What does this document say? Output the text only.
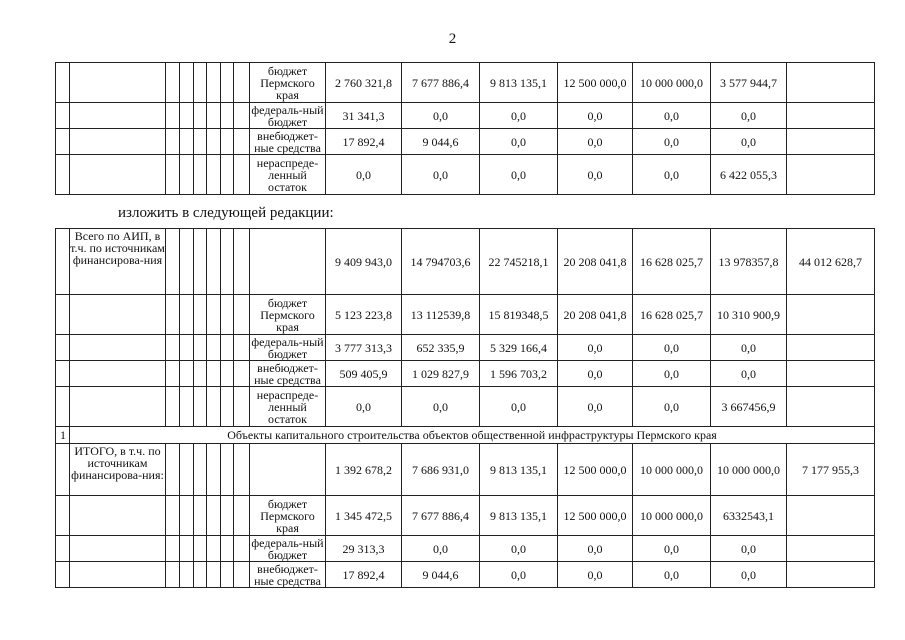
2
								бюджет Пермского края	2 760 321,8	7 677 886,4	9 813 135,1	12 500 000,0	10 000 000,0	3 577 944,7	
								федераль-ный бюджет	31 341,3	0,0	0,0	0,0	0,0	0,0	
								внебюджет-ные средства	17 892,4	9 044,6	0,0	0,0	0,0	0,0	
								нераспреде-ленный остаток	0,0	0,0	0,0	0,0	0,0	6 422 055,3	
изложить в следующей редакции:
	Всего по АИП, в т.ч. по источникам финансирова-ния								9 409 943,0	14 794703,6	22 745218,1	20 208 041,8	16 628 025,7	13 978357,8	44 012 628,7
								бюджет Пермского края	5 123 223,8	13 112539,8	15 819348,5	20 208 041,8	16 628 025,7	10 310 900,9	
								федераль-ный бюджет	3 777 313,3	652 335,9	5 329 166,4	0,0	0,0	0,0	
								внебюджет-ные средства	509 405,9	1 029 827,9	1 596 703,2	0,0	0,0	0,0	
								нераспреде-ленный остаток	0,0	0,0	0,0	0,0	0,0	3 667456,9	
1	Объекты капитального строительства объектов общественной инфраструктуры Пермского края														
	ИТОГО, в т.ч. по источникам финансирова-ния:								1 392 678,2	7 686 931,0	9 813 135,1	12 500 000,0	10 000 000,0	10 000 000,0	7 177 955,3
								бюджет Пермского края	1 345 472,5	7 677 886,4	9 813 135,1	12 500 000,0	10 000 000,0	6332543,1	
								федераль-ный бюджет	29 313,3	0,0	0,0	0,0	0,0	0,0	
								внебюджет-ные средства	17 892,4	9 044,6	0,0	0,0	0,0	0,0	
